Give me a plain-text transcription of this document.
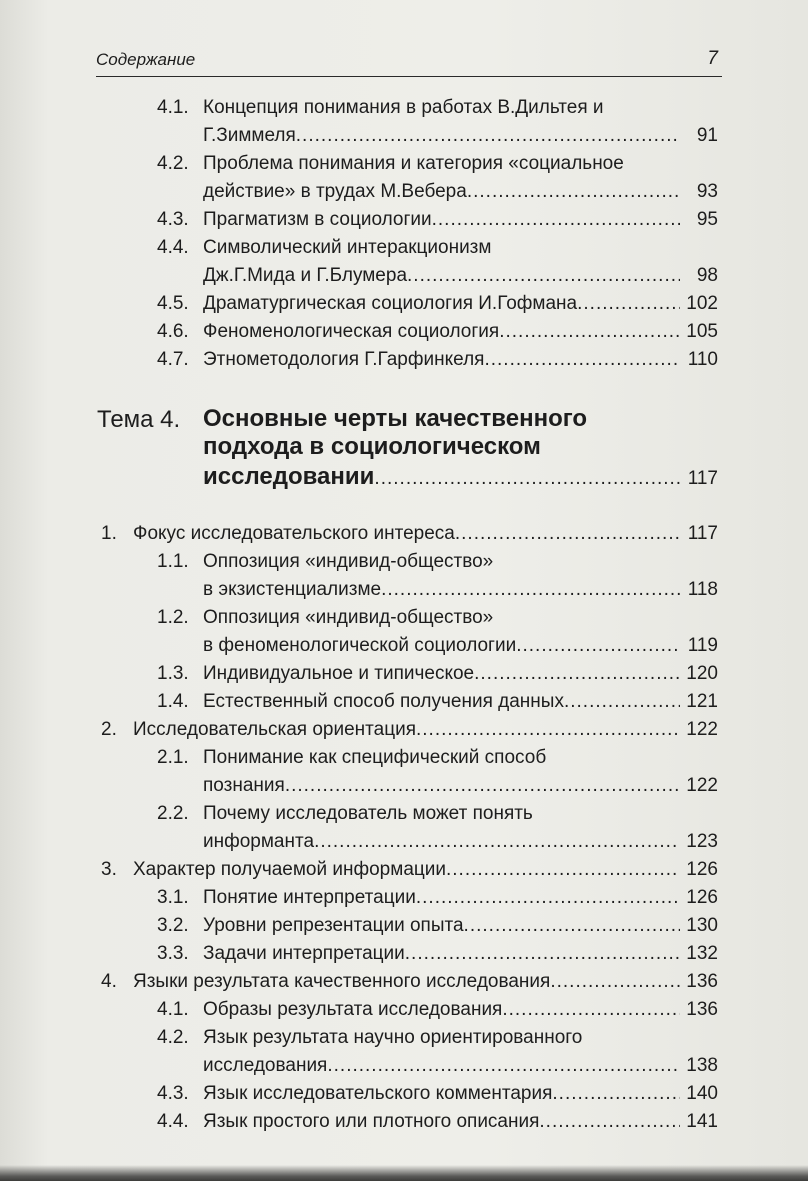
Содержание	7
4.1. Концепция понимания в работах В.Дильтея и
Г.Зиммеля .....	91
4.2. Проблема понимания и категория «социальное
действие» в трудах М.Вебера .....	93
4.3. Прагматизм в социологии .....	95
4.4. Символический интеракционизм
Дж.Г.Мида и Г.Блумера .....	98
4.5. Драматургическая социология И.Гофмана .....	102
4.6. Феноменологическая социология .....	105
4.7. Этнометодология Г.Гарфинкеля .....	110
Тема 4. Основные черты качественного
подхода в социологическом
исследовании .....	117
1. Фокус исследовательского интереса .....	117
1.1. Оппозиция «индивид-общество»
в экзистенциализме .....	118
1.2. Оппозиция «индивид-общество»
в феноменологической социологии .....	119
1.3. Индивидуальное и типическое .....	120
1.4. Естественный способ получения данных .....	121
2. Исследовательская ориентация .....	122
2.1. Понимание как специфический способ
познания .....	122
2.2. Почему исследователь может понять
информанта .....	123
3. Характер получаемой информации .....	126
3.1. Понятие интерпретации .....	126
3.2. Уровни репрезентации опыта .....	130
3.3. Задачи интерпретации .....	132
4. Языки результата качественного исследования .....	136
4.1. Образы результата исследования .....	136
4.2. Язык результата научно ориентированного
исследования .....	138
4.3. Язык исследовательского комментария .....	140
4.4. Язык простого или плотного описания .....	141
